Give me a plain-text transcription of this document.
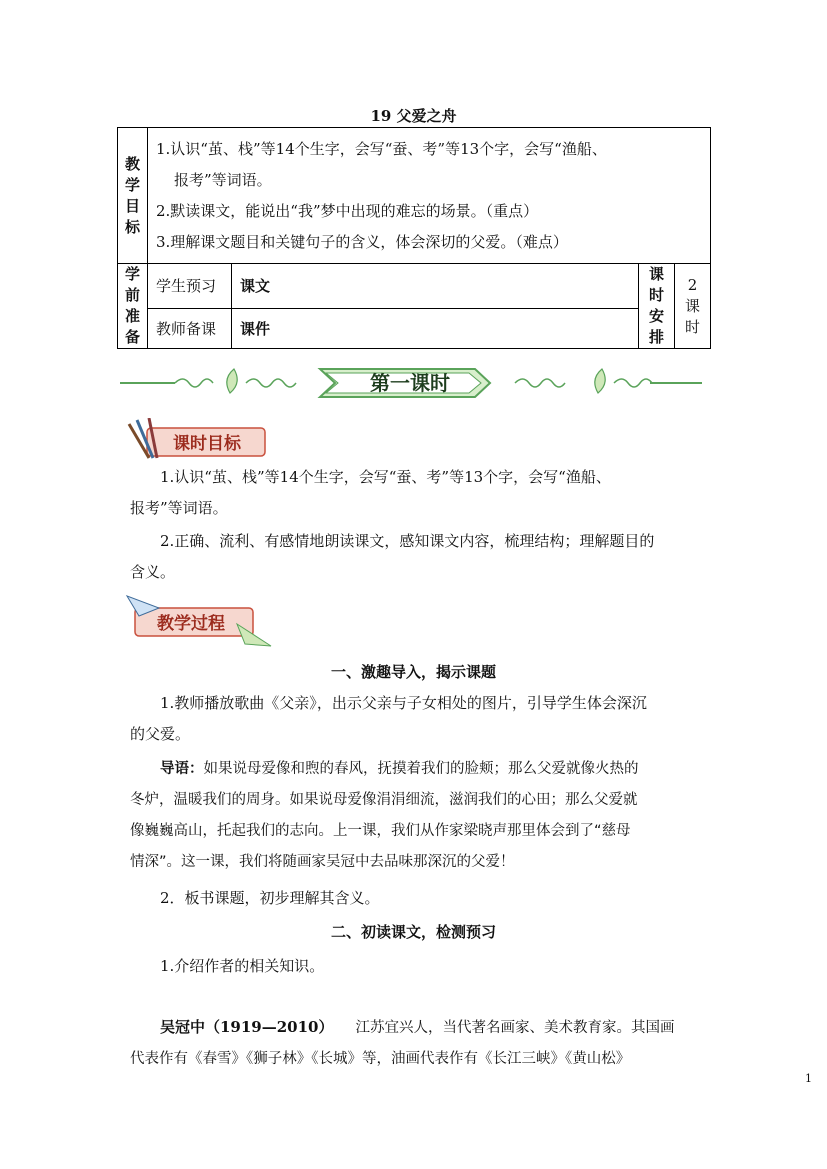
19 父爱之舟
教学目标	1.认识“茧、栈”等14个生字，会写“蚕、考”等13个字，会写“渔船、
报考”等词语。
2.默读课文，能说出“我”梦中出现的难忘的场景。（重点）
3.理解课文题目和关键句子的含义，体会深切的父爱。（难点）			

学前准备	学生预习	课文	课时安排	2课时
	教师备课	课件		
第一课时
课时目标
1.认识“茧、栈”等14个生字，会写“蚕、考”等13个字，会写“渔船、
报考”等词语。
2.正确、流利、有感情地朗读课文，感知课文内容，梳理结构；理解题目的
含义。
教学过程
一、激趣导入，揭示课题
1.教师播放歌曲《父亲》，出示父亲与子女相处的图片，引导学生体会深沉
的父爱。
导语：如果说母爱像和煦的春风，抚摸着我们的脸颊；那么父爱就像火热的
冬炉，温暖我们的周身。如果说母爱像涓涓细流，滋润我们的心田；那么父爱就
像巍巍高山，托起我们的志向。上一课，我们从作家梁晓声那里体会到了“慈母
情深”。这一课，我们将随画家吴冠中去品味那深沉的父爱！
2．板书课题，初步理解其含义。
二、初读课文，检测预习
1.介绍作者的相关知识。
吴冠中（1919—2010） 江苏宜兴人，当代著名画家、美术教育家。其国画
代表作有《春雪》《狮子林》《长城》等，油画代表作有《长江三峡》《黄山松》
1
